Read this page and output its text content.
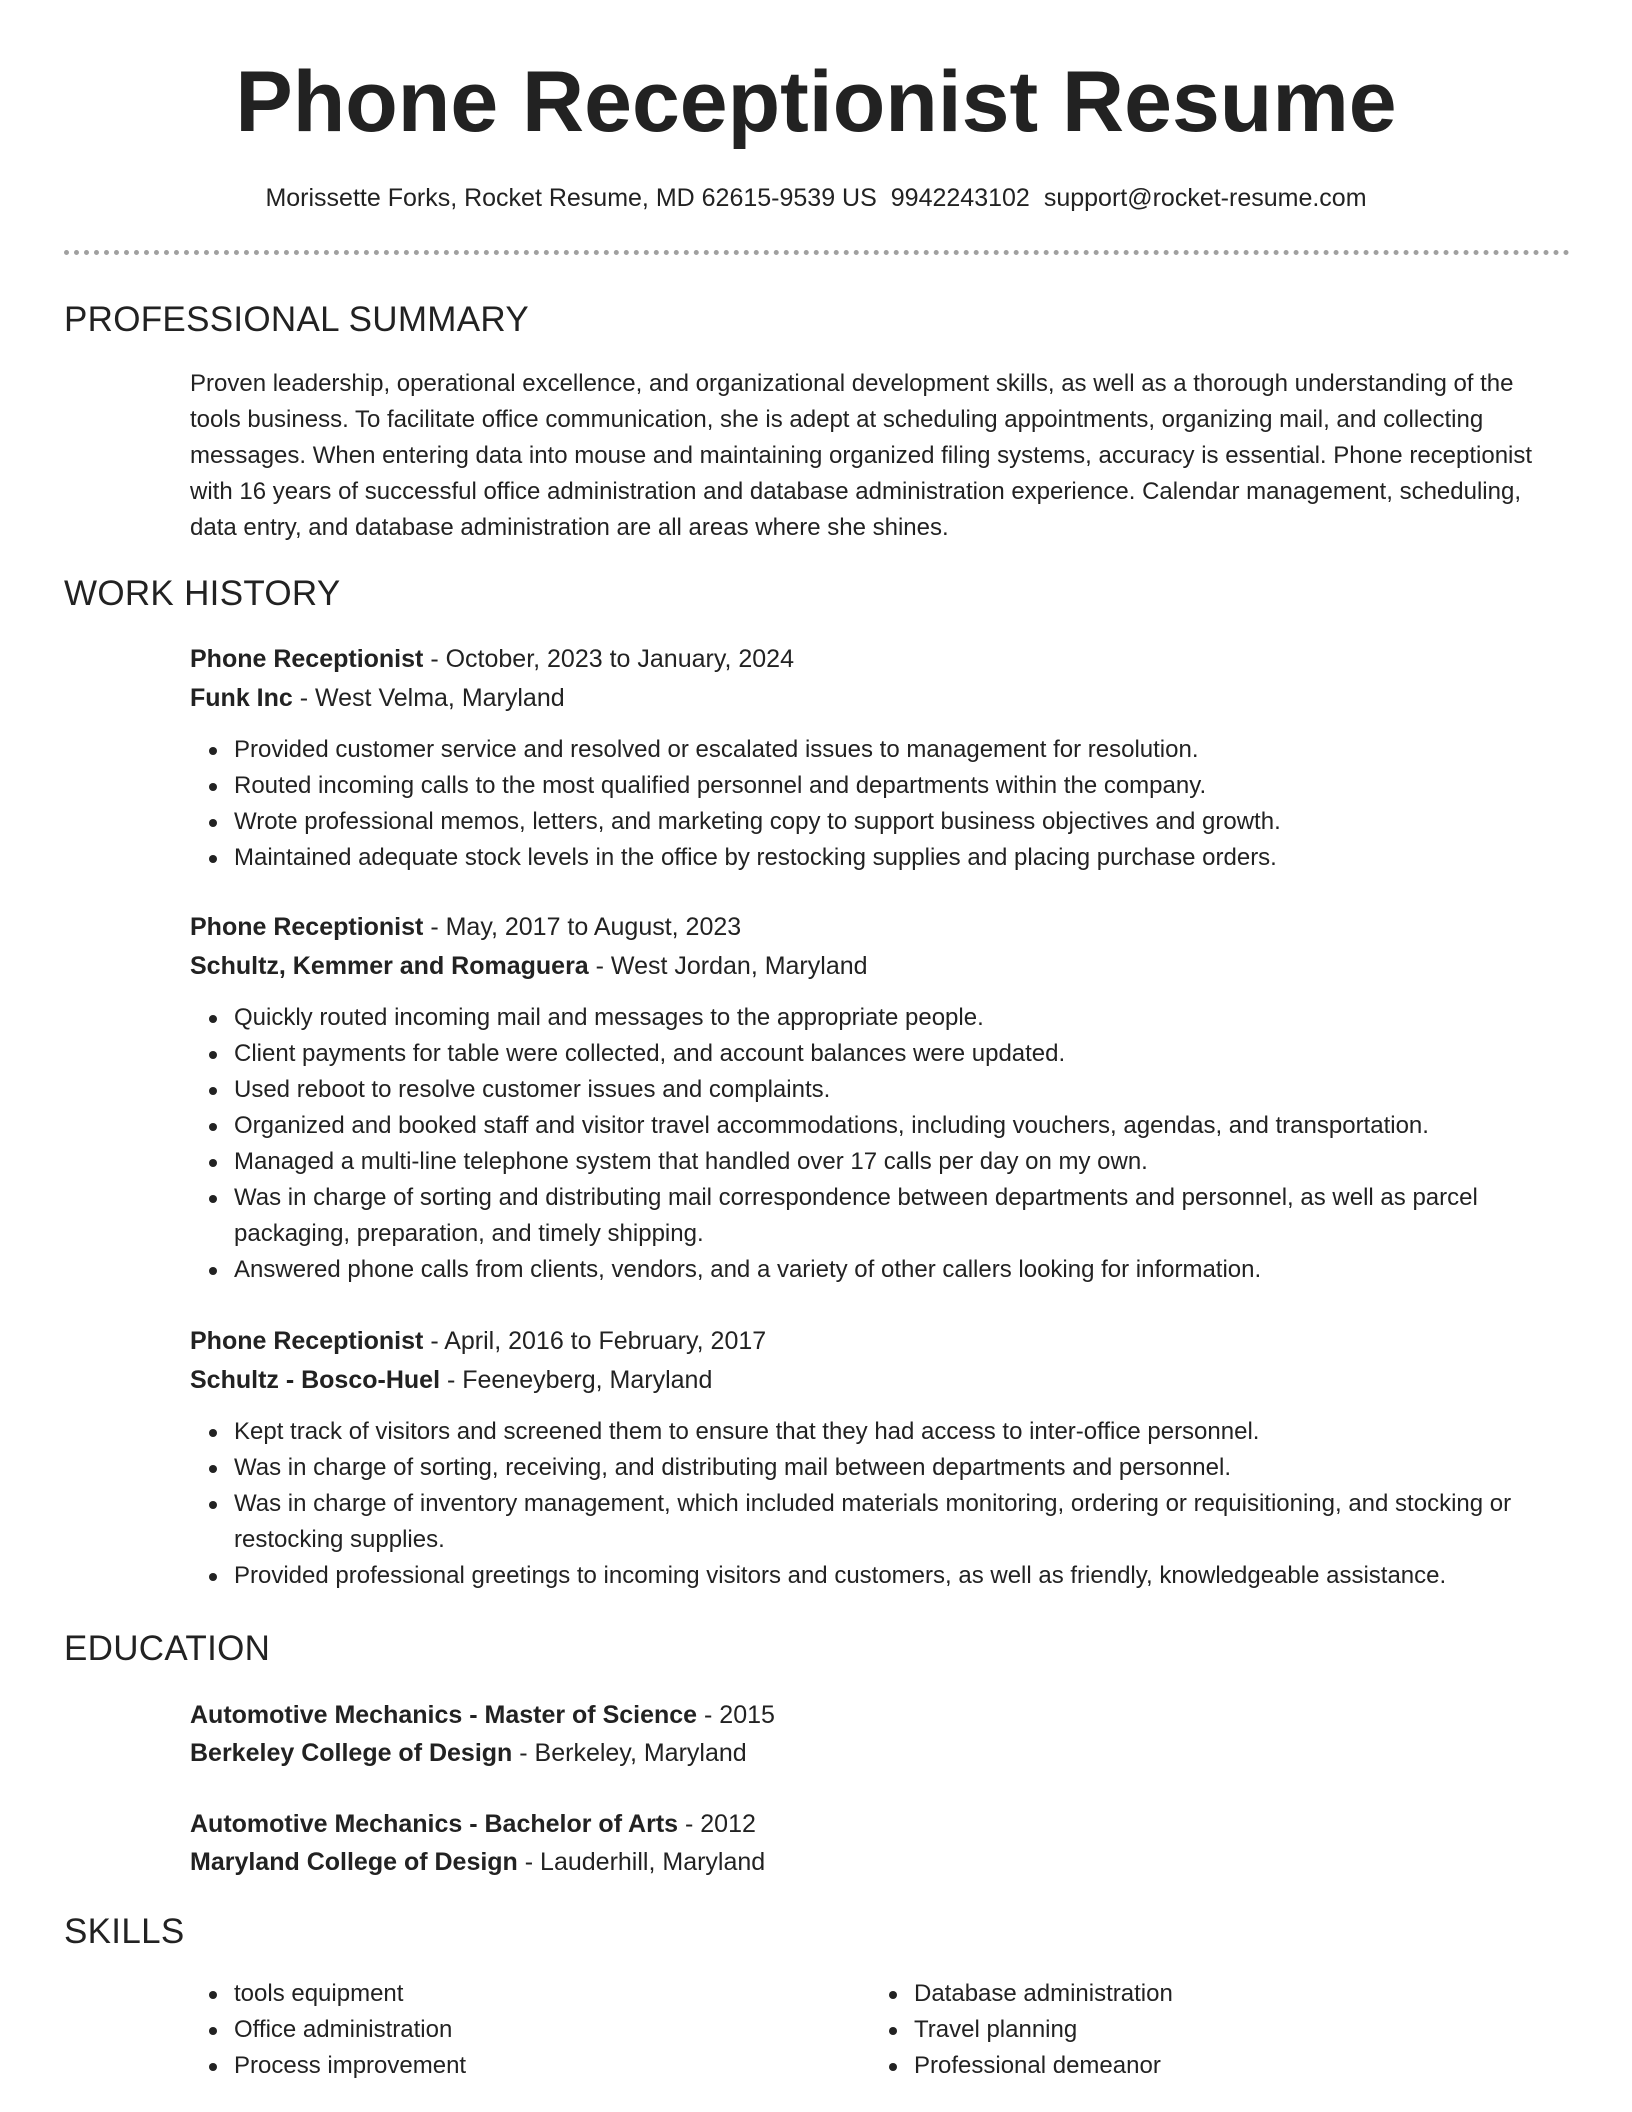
Phone Receptionist Resume
Morissette Forks, Rocket Resume, MD 62615-9539 US 9942243102 support@rocket-resume.com
PROFESSIONAL SUMMARY
Proven leadership, operational excellence, and organizational development skills, as well as a thorough understanding of the tools business. To facilitate office communication, she is adept at scheduling appointments, organizing mail, and collecting messages. When entering data into mouse and maintaining organized filing systems, accuracy is essential. Phone receptionist with 16 years of successful office administration and database administration experience. Calendar management, scheduling, data entry, and database administration are all areas where she shines.
WORK HISTORY
Phone Receptionist - October, 2023 to January, 2024
Funk Inc - West Velma, Maryland
Provided customer service and resolved or escalated issues to management for resolution.
Routed incoming calls to the most qualified personnel and departments within the company.
Wrote professional memos, letters, and marketing copy to support business objectives and growth.
Maintained adequate stock levels in the office by restocking supplies and placing purchase orders.
Phone Receptionist - May, 2017 to August, 2023
Schultz, Kemmer and Romaguera - West Jordan, Maryland
Quickly routed incoming mail and messages to the appropriate people.
Client payments for table were collected, and account balances were updated.
Used reboot to resolve customer issues and complaints.
Organized and booked staff and visitor travel accommodations, including vouchers, agendas, and transportation.
Managed a multi-line telephone system that handled over 17 calls per day on my own.
Was in charge of sorting and distributing mail correspondence between departments and personnel, as well as parcel packaging, preparation, and timely shipping.
Answered phone calls from clients, vendors, and a variety of other callers looking for information.
Phone Receptionist - April, 2016 to February, 2017
Schultz - Bosco-Huel - Feeneyberg, Maryland
Kept track of visitors and screened them to ensure that they had access to inter-office personnel.
Was in charge of sorting, receiving, and distributing mail between departments and personnel.
Was in charge of inventory management, which included materials monitoring, ordering or requisitioning, and stocking or restocking supplies.
Provided professional greetings to incoming visitors and customers, as well as friendly, knowledgeable assistance.
EDUCATION
Automotive Mechanics - Master of Science - 2015
Berkeley College of Design - Berkeley, Maryland
Automotive Mechanics - Bachelor of Arts - 2012
Maryland College of Design - Lauderhill, Maryland
SKILLS
tools equipment
Office administration
Process improvement
Database administration
Travel planning
Professional demeanor
